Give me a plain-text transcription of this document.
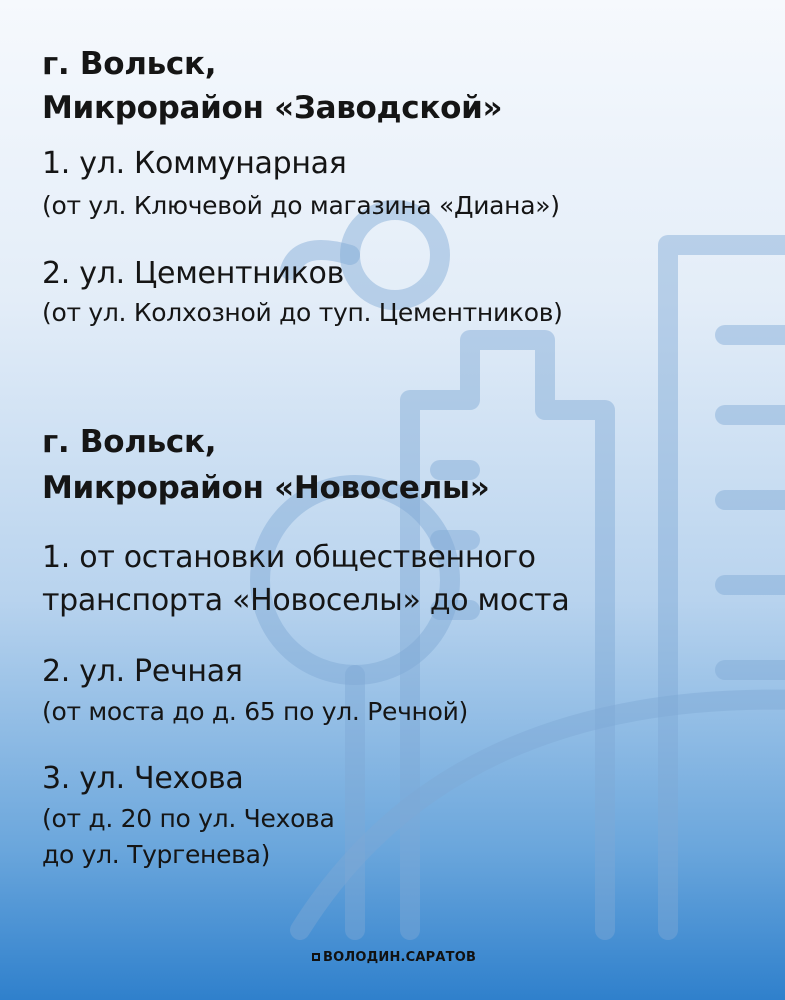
г. Вольск,
Микрорайон «Заводской»
1. ул. Коммунарная
(от ул. Ключевой до магазина «Диана»)
2. ул. Цементников
(от ул. Колхозной до туп. Цементников)
г. Вольск,
Микрорайон «Новоселы»
1. от остановки общественного
транспорта «Новоселы» до моста
2. ул. Речная
(от моста до д. 65 по ул. Речной)
3. ул. Чехова
(от д. 20 по ул. Чехова
до ул. Тургенева)
ВОЛОДИН.САРАТОВ
